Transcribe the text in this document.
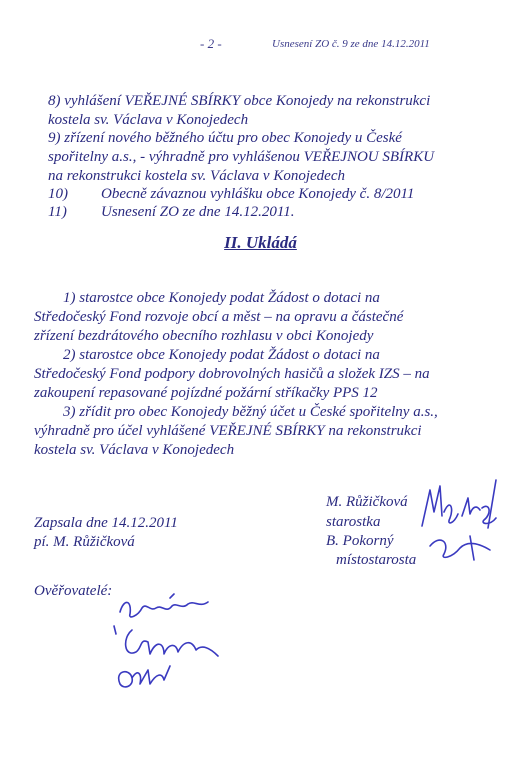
- 2 -	Usnesení ZO č. 9 ze dne 14.12.2011
8) vyhlášení VEŘEJNÉ SBÍRKY obce Konojedy na rekonstrukci
kostela sv. Václava v Konojedech
9) zřízení nového běžného účtu pro obec Konojedy u České
spořitelny a.s., - výhradně pro vyhlášenou VEŘEJNOU SBÍRKU
na rekonstrukci kostela sv. Václava v Konojedech
10) Obecně závaznou vyhlášku obce Konojedy č. 8/2011
11) Usnesení ZO ze dne 14.12.2011.
II. Ukládá
1) starostce obce Konojedy podat Žádost o dotaci na
Středočeský Fond rozvoje obcí a měst – na opravu a částečné
zřízení bezdrátového obecního rozhlasu v obci Konojedy
2) starostce obce Konojedy podat Žádost o dotaci na
Středočeský Fond podpory dobrovolných hasičů a složek IZS – na
zakoupení repasované pojízdné požární stříkačky PPS 12
3) zřídit pro obec Konojedy běžný účet u České spořitelny a.s.,
výhradně pro účel vyhlášené VEŘEJNÉ SBÍRKY na rekonstrukci
kostela sv. Václava v Konojedech
Zapsala dne 14.12.2011
pí. M. Růžičková
M. Růžičková
starostka
B. Pokorný
místostarosta
Ověřovatelé:
